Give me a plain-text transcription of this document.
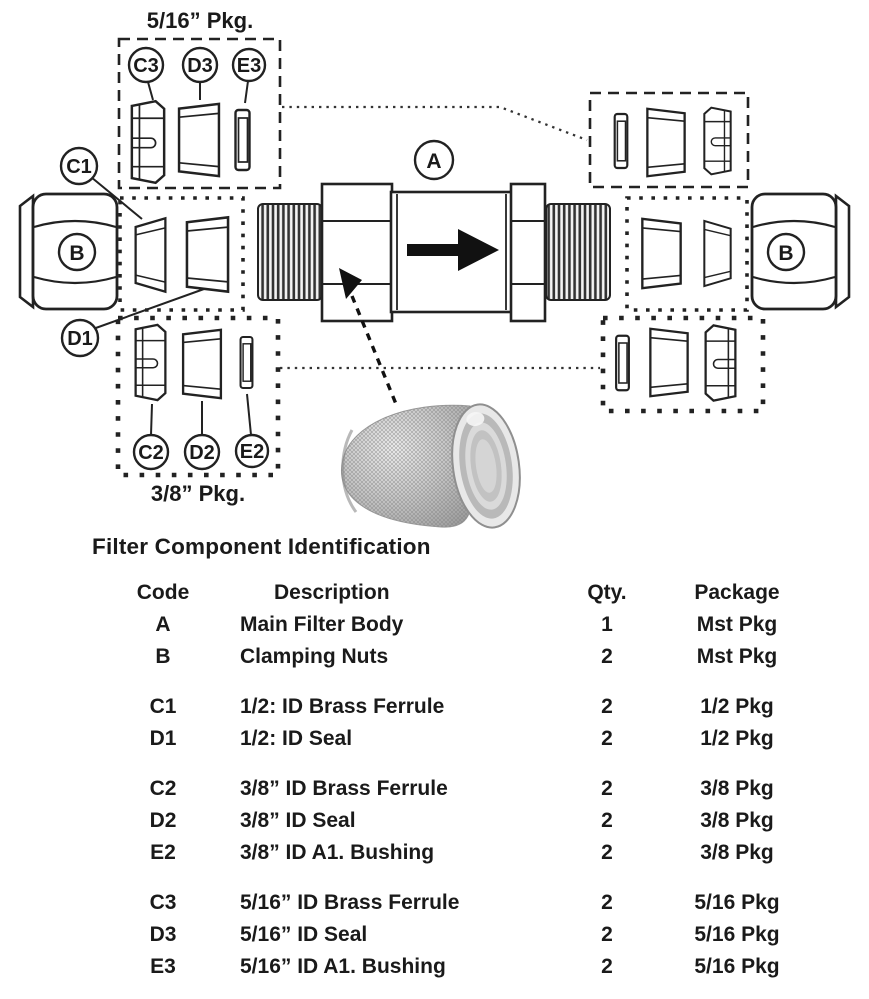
C3 D3 E3
C1
D1
C2 D2 E2
A
B	B
5/16” Pkg.
3/8” Pkg.
Filter Component Identification
Code	Description	Qty.	Package
A	Main Filter Body	1	Mst Pkg
B	Clamping Nuts	2	Mst Pkg
C1	1/2: ID Brass Ferrule	2	1/2 Pkg
D1	1/2: ID Seal	2	1/2 Pkg
C2	3/8” ID Brass Ferrule	2	3/8 Pkg
D2	3/8” ID Seal	2	3/8 Pkg
E2	3/8” ID A1. Bushing	2	3/8 Pkg
C3	5/16” ID Brass Ferrule	2	5/16 Pkg
D3	5/16” ID Seal	2	5/16 Pkg
E3	5/16” ID A1. Bushing	2	5/16 Pkg
